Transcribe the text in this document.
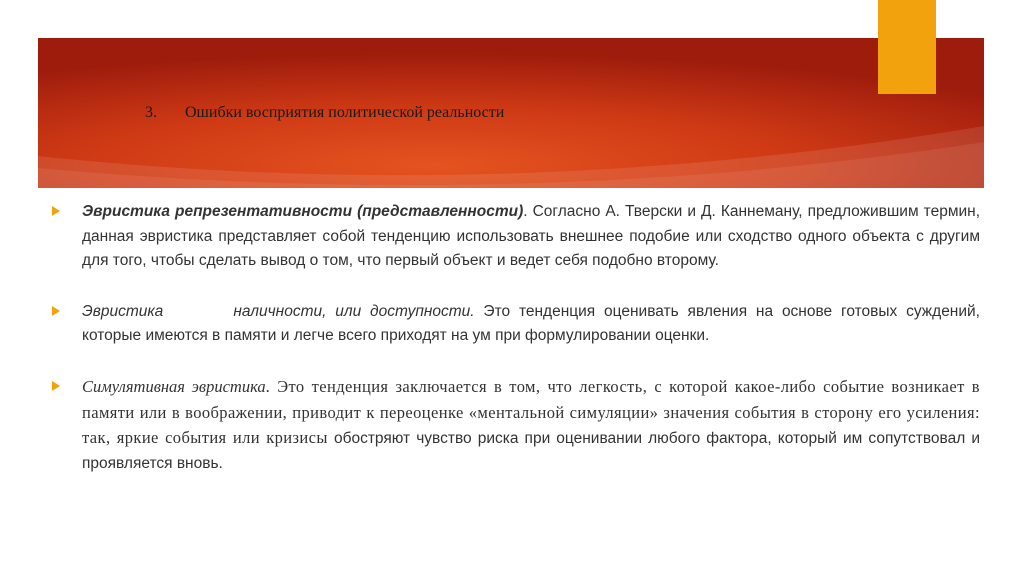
3. Ошибки восприятия политической реальности

Эвристика репрезентативности (представленности). Согласно А. Тверски и Д. Каннеману, предложившим термин, данная эвристика представляет собой тенденцию использовать внешнее подобие или сходство одного объекта с другим для того, чтобы сделать вывод о том, что первый объект и ведет себя подобно второму.

Эвристика	наличности, или доступности. Это тенденция оценивать явления на основе готовых суждений, которые имеются в памяти и легче всего приходят на ум при формулировании оценки.

Симулятивная эвристика. Это тенденция заключается в том, что легкость, с которой какое-либо событие возникает в памяти или в воображении, приводит к переоценке «ментальной симуляции» значения события в сторону его усиления: так, яркие события или кризисы обостряют чувство риска при оценивании любого фактора, который им сопутствовал и проявляется вновь.
